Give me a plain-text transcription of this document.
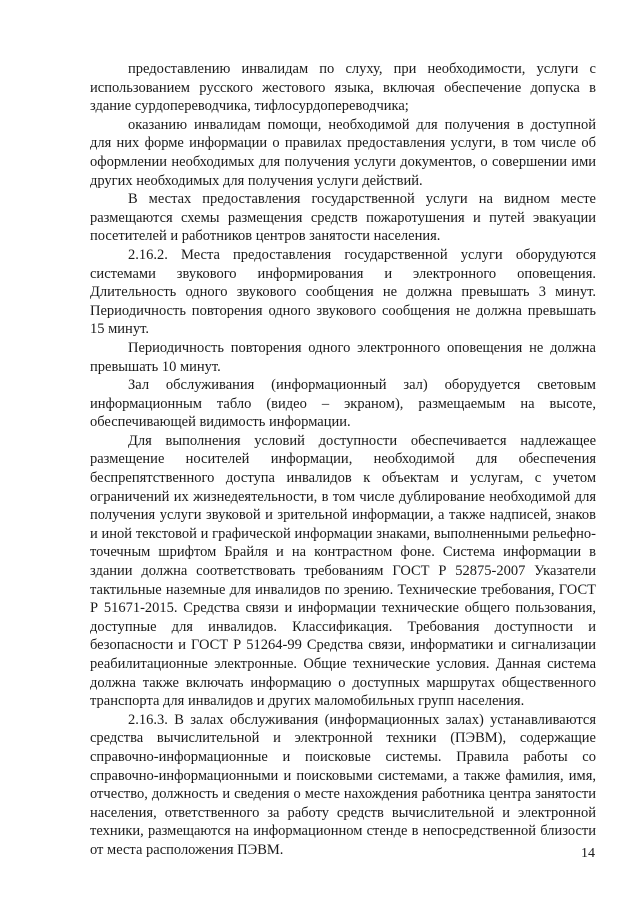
предоставлению инвалидам по слуху, при необходимости, услуги с использованием русского жестового языка, включая обеспечение допуска в здание сурдопереводчика, тифлосурдопереводчика;

оказанию инвалидам помощи, необходимой для получения в доступной для них форме информации о правилах предоставления услуги, в том числе об оформлении необходимых для получения услуги документов, о совершении ими других необходимых для получения услуги действий.

В местах предоставления государственной услуги на видном месте размещаются схемы размещения средств пожаротушения и путей эвакуации посетителей и работников центров занятости населения.

2.16.2. Места предоставления государственной услуги оборудуются системами звукового информирования и электронного оповещения. Длительность одного звукового сообщения не должна превышать 3 минут. Периодичность повторения одного звукового сообщения не должна превышать 15 минут.

Периодичность повторения одного электронного оповещения не должна превышать 10 минут.

Зал обслуживания (информационный зал) оборудуется световым информационным табло (видео – экраном), размещаемым на высоте, обеспечивающей видимость информации.

Для выполнения условий доступности обеспечивается надлежащее размещение носителей информации, необходимой для обеспечения беспрепятственного доступа инвалидов к объектам и услугам, с учетом ограничений их жизнедеятельности, в том числе дублирование необходимой для получения услуги звуковой и зрительной информации, а также надписей, знаков и иной текстовой и графической информации знаками, выполненными рельефно-точечным шрифтом Брайля и на контрастном фоне. Система информации в здании должна соответствовать требованиям ГОСТ Р 52875-2007 Указатели тактильные наземные для инвалидов по зрению. Технические требования, ГОСТ Р 51671-2015. Средства связи и информации технические общего пользования, доступные для инвалидов. Классификация. Требования доступности и безопасности и ГОСТ Р 51264-99 Средства связи, информатики и сигнализации реабилитационные электронные. Общие технические условия. Данная система должна также включать информацию о доступных маршрутах общественного транспорта для инвалидов и других маломобильных групп населения.

2.16.3. В залах обслуживания (информационных залах) устанавливаются средства вычислительной и электронной техники (ПЭВМ), содержащие справочно-информационные и поисковые системы. Правила работы со справочно-информационными и поисковыми системами, а также фамилия, имя, отчество, должность и сведения о месте нахождения работника центра занятости населения, ответственного за работу средств вычислительной и электронной техники, размещаются на информационном стенде в непосредственной близости от места расположения ПЭВМ.	14
